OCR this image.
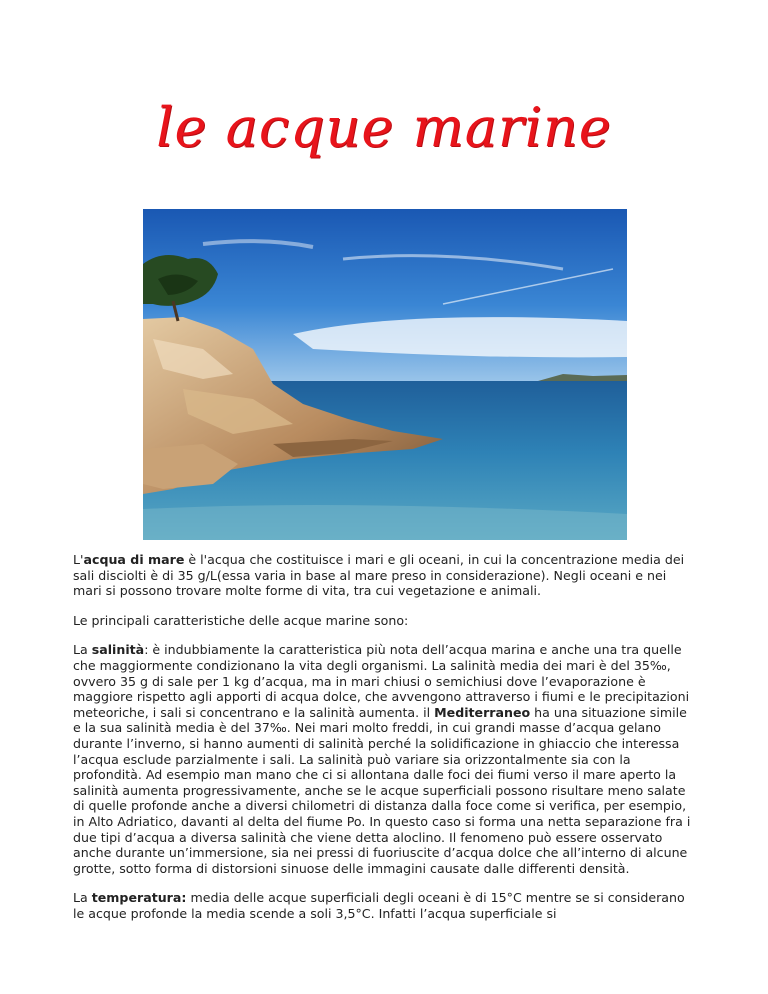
le acque marine

L'acqua di mare è l'acqua che costituisce i mari e gli oceani, in cui la concentrazione media dei sali disciolti è di 35 g/L(essa varia in base al mare preso in considerazione). Negli oceani e nei mari si possono trovare molte forme di vita, tra cui vegetazione e animali.

Le principali caratteristiche delle acque marine sono:

La salinità: è indubbiamente la caratteristica più nota dell’acqua marina e anche una tra quelle che maggiormente condizionano la vita degli organismi. La salinità media dei mari è del 35‰, ovvero 35 g di sale per 1 kg d’acqua, ma in mari chiusi o semichiusi dove l’evaporazione è maggiore rispetto agli apporti di acqua dolce, che avvengono attraverso i fiumi e le precipitazioni meteoriche, i sali si concentrano e la salinità aumenta. il Mediterraneo ha una situazione simile e la sua salinità media è del 37‰. Nei mari molto freddi, in cui grandi masse d’acqua gelano durante l’inverno, si hanno aumenti di salinità perché la solidificazione in ghiaccio che interessa l’acqua esclude parzialmente i sali. La salinità può variare sia orizzontalmente sia con la profondità. Ad esempio man mano che ci si allontana dalle foci dei fiumi verso il mare aperto la salinità aumenta progressivamente, anche se le acque superficiali possono risultare meno salate di quelle profonde anche a diversi chilometri di distanza dalla foce come si verifica, per esempio, in Alto Adriatico, davanti al delta del fiume Po. In questo caso si forma una netta separazione fra i due tipi d’acqua a diversa salinità che viene detta aloclino. Il fenomeno può essere osservato anche durante un’immersione, sia nei pressi di fuoriuscite d’acqua dolce che all’interno di alcune grotte, sotto forma di distorsioni sinuose delle immagini causate dalle differenti densità.

La temperatura: media delle acque superficiali degli oceani è di 15°C mentre se si considerano le acque profonde la media scende a soli 3,5°C. Infatti l’acqua superficiale si
